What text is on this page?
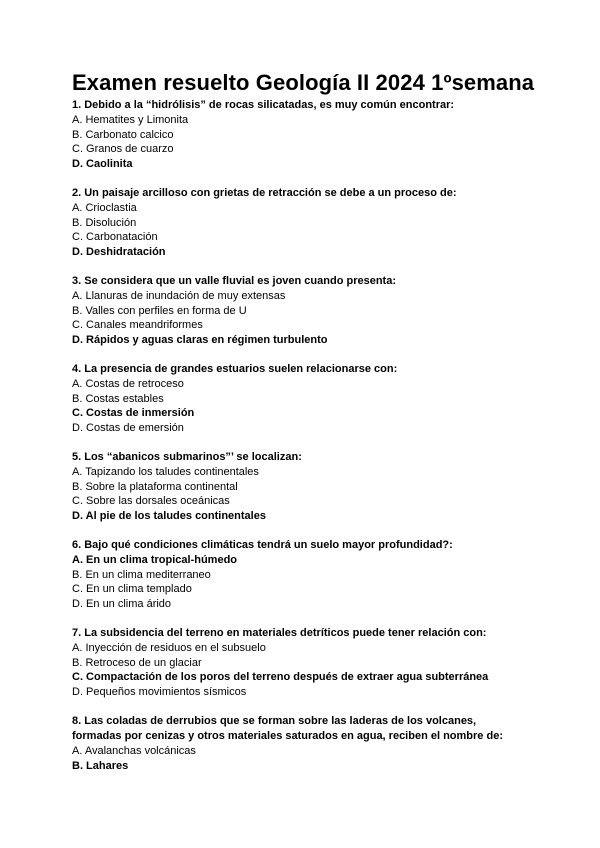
Examen resuelto Geología II 2024 1ºsemana

1. Debido a la “hidrólisis” de rocas silicatadas, es muy común encontrar:

A. Hematites y Limonita

B. Carbonato calcico

C. Granos de cuarzo

D. Caolinita

2. Un paisaje arcilloso con grietas de retracción se debe a un proceso de:

A. Crioclastia

B. Disolución

C. Carbonatación

D. Deshidratación

3. Se considera que un valle fluvial es joven cuando presenta:

A. Llanuras de inundación de muy extensas

B. Valles con perfiles en forma de U

C. Canales meandriformes

D. Rápidos y aguas claras en régimen turbulento

4. La presencia de grandes estuarios suelen relacionarse con:

A. Costas de retroceso

B. Costas estables

C. Costas de inmersión

D. Costas de emersión

5. Los “abanicos submarinos”’ se localizan:

A. Tapizando los taludes continentales

B. Sobre la plataforma continental

C. Sobre las dorsales oceánicas

D. Al pie de los taludes continentales

6. Bajo qué condiciones climáticas tendrá un suelo mayor profundidad?:

A. En un clima tropical-húmedo

B. En un clima mediterraneo

C. En un clima templado

D. En un clima árido

7. La subsidencia del terreno en materiales detríticos puede tener relación con:

A. Inyección de residuos en el subsuelo

B. Retroceso de un glaciar

C. Compactación de los poros del terreno después de extraer agua subterránea

D. Pequeños movimientos sísmicos

8. Las coladas de derrubios que se forman sobre las laderas de los volcanes, formadas por cenizas y otros materiales saturados en agua, reciben el nombre de:

A. Avalanchas volcánicas

B. Lahares
